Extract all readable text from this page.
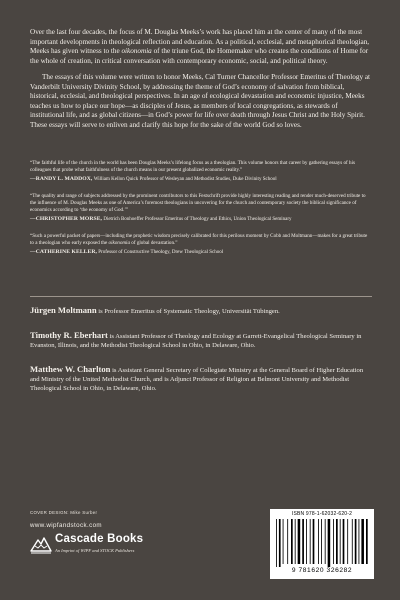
Over the last four decades, the focus of M. Douglas Meeks’s work has placed him at the center of many of the most important developments in theological reflection and education. As a political, ecclesial, and metaphorical theologian, Meeks has given witness to the oikonomia of the triune God, the Homemaker who creates the conditions of Home for the whole of creation, in critical conversation with contemporary economic, social, and political theory.

The essays of this volume were written to honor Meeks, Cal Turner Chancellor Professor Emeritus of Theology at Vanderbilt University Divinity School, by addressing the theme of God’s economy of salvation from biblical, historical, ecclesial, and theological perspectives. In an age of ecological devastation and economic injustice, Meeks teaches us how to place our hope—as disciples of Jesus, as members of local congregations, as stewards of institutional life, and as global citizens—in God’s power for life over death through Jesus Christ and the Holy Spirit. These essays will serve to enliven and clarify this hope for the sake of the world God so loves.

“The faithful life of the church in the world has been Douglas Meeks’s lifelong focus as a theologian. This volume honors that career by gathering essays of his colleagues that probe what faithfulness of the church means in our present globalized economic reality.”
—RANDY L. MADDOX, William Kellon Quick Professor of Wesleyan and Methodist Studies, Duke Divinity School
“The quality and range of subjects addressed by the prominent contributors to this Festschrift provide highly interesting reading and render much-deserved tribute to the influence of M. Douglas Meeks as one of America’s foremost theologians in uncovering for the church and contemporary society the biblical significance of economics according to ‘the economy of God.’”
—CHRISTOPHER MORSE, Dietrich Bonhoeffer Professor Emeritus of Theology and Ethics, Union Theological Seminary
“Such a powerful packet of papers—including the prophetic wisdom precisely calibrated for this perilous moment by Cobb and Moltmann—makes for a great tribute to a theologian who early exposed the oikonomia of global devastation.”
—CATHERINE KELLER, Professor of Constructive Theology, Drew Theological School
Jürgen Moltmann is Professor Emeritus of Systematic Theology, Universität Tübingen.
Timothy R. Eberhart is Assistant Professor of Theology and Ecology at Garrett-Evangelical Theological Seminary in Evanston, Illinois, and the Methodist Theological School in Ohio, in Delaware, Ohio.
Matthew W. Charlton is Assistant General Secretary of Collegiate Ministry at the General Board of Higher Education and Ministry of the United Methodist Church, and is Adjunct Professor of Religion at Belmont University and Methodist Theological School in Ohio, in Delaware, Ohio.
COVER DESIGN: Mike Surber
www.wipfandstock.com
Cascade Books
An Imprint of WIPF and STOCK Publishers
ISBN 978-1-62032-620-2
9 781620 326282
